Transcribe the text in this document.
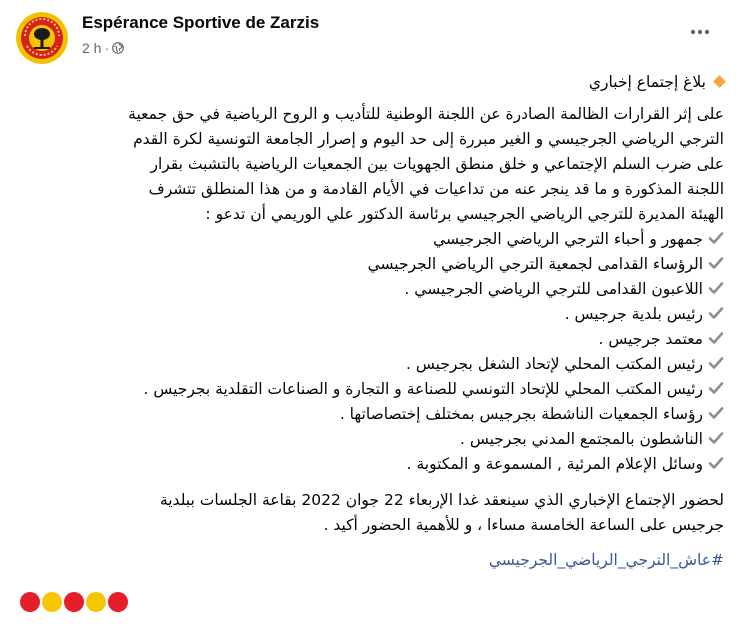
Espérance Sportive de Zarzis
2 h ·
بلاغ إجتماع إخباري
على إثر القرارات الظالمة الصادرة عن اللجنة الوطنية للتأديب و الروح الرياضية في حق جمعية
الترجي الرياضي الجرجيسي و الغير مبررة إلى حد اليوم و إصرار الجامعة التونسية لكرة القدم
على ضرب السلم الإجتماعي و خلق منطق الجهويات بين الجمعيات الرياضية بالتشبث بقرار
اللجنة المذكورة و ما قد ينجر عنه من تداعيات في الأيام القادمة و من هذا المنطلق تتشرف
الهيئة المديرة للترجي الرياضي الجرجيسي برئاسة الدكتور علي الوريمي أن تدعو :
جمهور و أحباء الترجي الرياضي الجرجيسي
الرؤساء القدامى لجمعية الترجي الرياضي الجرجيسي
اللاعبون القدامى للترجي الرياضي الجرجيسي .
رئيس بلدية جرجيس .
معتمد جرجيس .
رئيس المكتب المحلي لإتحاد الشغل بجرجيس .
رئيس المكتب المحلي للإتحاد التونسي للصناعة و التجارة و الصناعات التقلدية بجرجيس .
رؤساء الجمعيات الناشطة بجرجيس بمختلف إختصاصاتها .
الناشطون بالمجتمع المدني بجرجيس .
وسائل الإعلام المرئية , المسموعة و المكتوبة .
لحضور الإجتماع الإخباري الذي سينعقد غدا الإربعاء 22 جوان 2022 بقاعة الجلسات ببلدية
جرجيس على الساعة الخامسة مساءا ، و للأهمية الحضور أكيد .
#عاش_الترجي_الرياضي_الجرجيسي
